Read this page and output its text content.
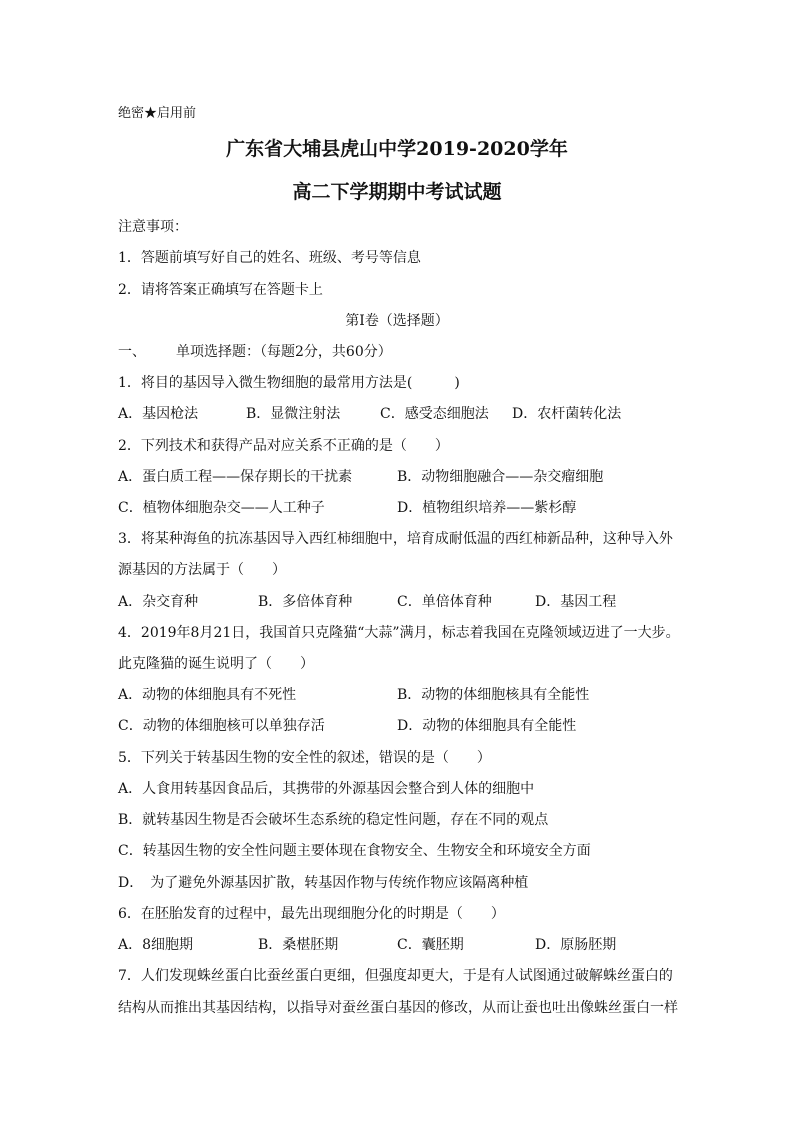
绝密★启用前
广东省大埔县虎山中学2019-2020学年
高二下学期期中考试试题
注意事项：
1．答题前填写好自己的姓名、班级、考号等信息
2．请将答案正确填写在答题卡上
第I卷（选择题）
一、 单项选择题：（每题2分，共60分）
1．将目的基因导入微生物细胞的最常用方法是(　　　)
A．基因枪法	B．显微注射法	C．感受态细胞法 D．农杆菌转化法
2．下列技术和获得产品对应关系不正确的是（　　）
A．蛋白质工程——保存期长的干扰素	B．动物细胞融合——杂交瘤细胞
C．植物体细胞杂交——人工种子	D．植物组织培养——紫杉醇
3．将某种海鱼的抗冻基因导入西红柿细胞中，培育成耐低温的西红柿新品种，这种导入外
源基因的方法属于（　　）
A．杂交育种	B．多倍体育种	C．单倍体育种	D．基因工程
4．2019年8月21日，我国首只克隆猫“大蒜”满月，标志着我国在克隆领域迈进了一大步。
此克隆猫的诞生说明了（　　）
A．动物的体细胞具有不死性	B．动物的体细胞核具有全能性
C．动物的体细胞核可以单独存活	D．动物的体细胞具有全能性
5．下列关于转基因生物的安全性的叙述，错误的是（　　）
A．人食用转基因食品后，其携带的外源基因会整合到人体的细胞中
B．就转基因生物是否会破坏生态系统的稳定性问题，存在不同的观点
C．转基因生物的安全性问题主要体现在食物安全、生物安全和环境安全方面
D．　为了避免外源基因扩散，转基因作物与传统作物应该隔离种植
6．在胚胎发育的过程中，最先出现细胞分化的时期是（　　）
A．8细胞期	B．桑椹胚期	C．囊胚期	D．原肠胚期
7．人们发现蛛丝蛋白比蚕丝蛋白更细，但强度却更大，于是有人试图通过破解蛛丝蛋白的
结构从而推出其基因结构，以指导对蚕丝蛋白基因的修改，从而让蚕也吐出像蛛丝蛋白一样
